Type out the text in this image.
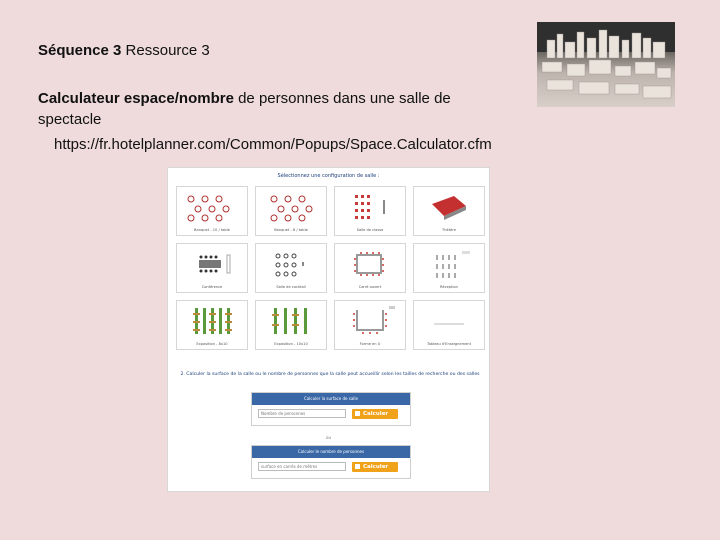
Séquence 3 Ressource 3
Calculateur espace/nombre de personnes dans une salle de spectacle
https://fr.hotelplanner.com/Common/Popups/Space.Calculator.cfm
Sélectionnez une configuration de salle :
Banquet - 10 / table	Banquet - 8 / table	Salle de classe	Théâtre
Conférence	Salle de cocktail	Carré ouvert	Réception
Exposition - 8x10	Exposition - 10x10	Forme en U	Tableau d'Enseignement
2. Calculer la surface de la salle ou le nombre de personnes que la salle peut accueillir selon les tailles de recherche ou des salles
Calculer la surface de salle
Nombre de personnes
Calculer
ou
Calculer le nombre de personnes
surface en carrés de mètres
Calculer
